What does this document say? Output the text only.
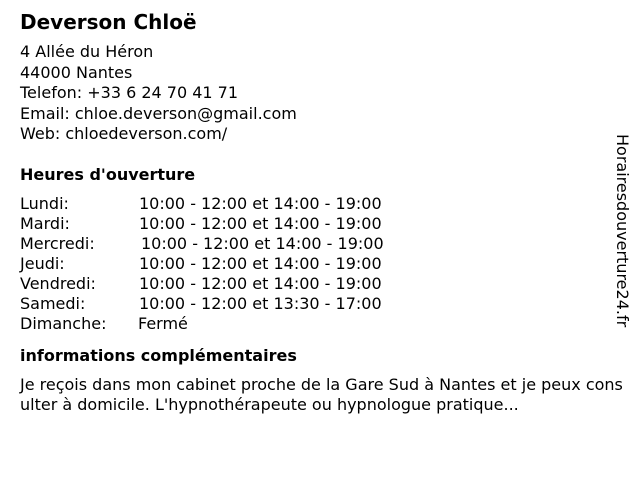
Deverson Chloë
4 Allée du Héron
44000 Nantes
Telefon: +33 6 24 70 41 71
Email: chloe.deverson@gmail.com
Web: chloedeverson.com/
Heures d'ouverture
Lundi:	10:00 - 12:00 et 14:00 - 19:00
Mardi:	10:00 - 12:00 et 14:00 - 19:00
Mercredi:	10:00 - 12:00 et 14:00 - 19:00
Jeudi:	10:00 - 12:00 et 14:00 - 19:00
Vendredi:	10:00 - 12:00 et 14:00 - 19:00
Samedi:	10:00 - 12:00 et 13:30 - 17:00
Dimanche: Fermé
informations complémentaires
Je reçois dans mon cabinet proche de la Gare Sud à Nantes et je peux consulter à domicile. L'hypnothérapeute ou hypnologue pratique...
Horairesdouverture24.fr
